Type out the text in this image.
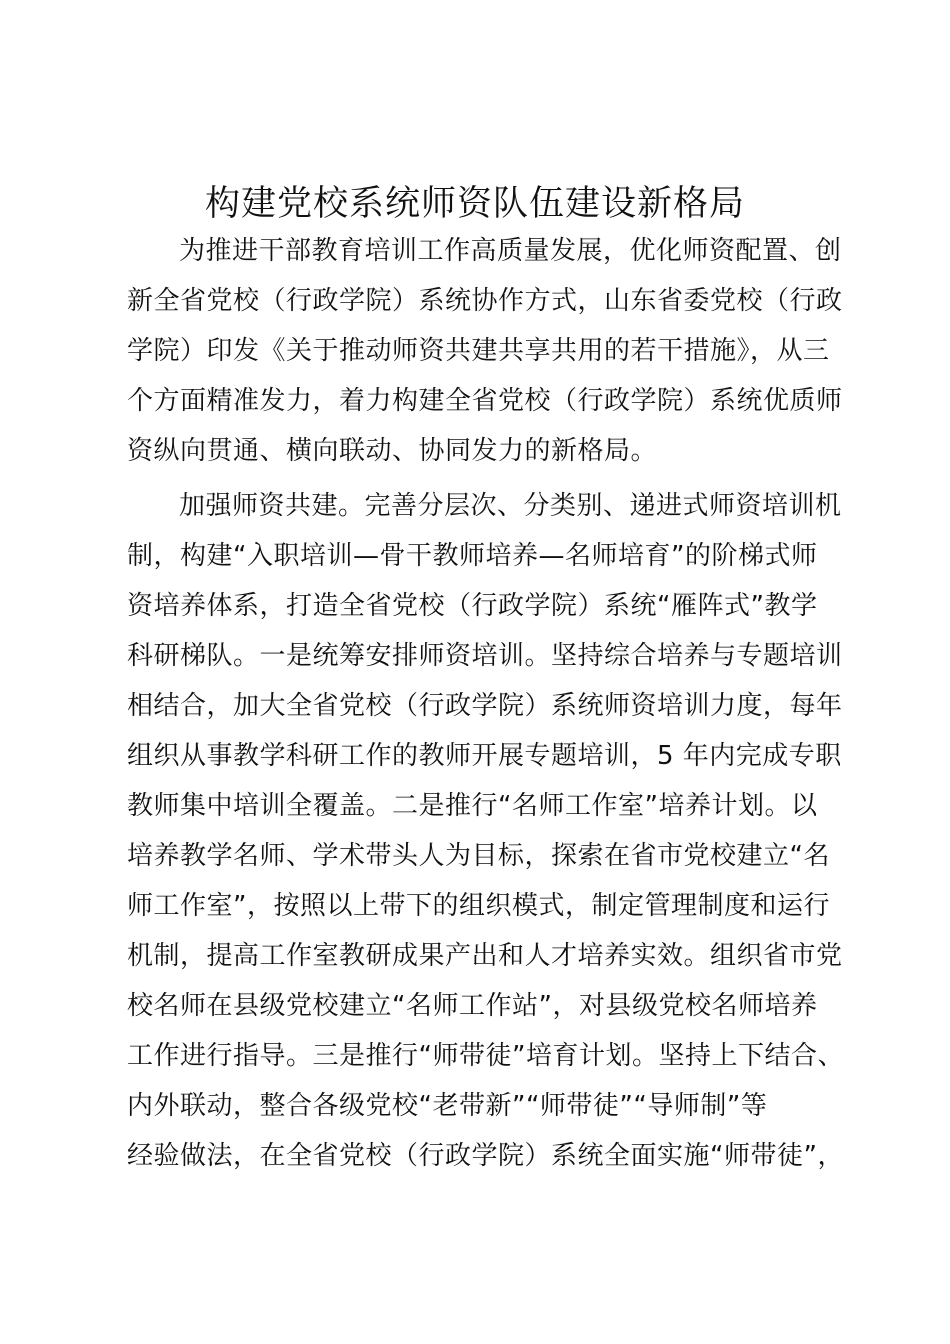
构建党校系统师资队伍建设新格局

为推进干部教育培训工作高质量发展，优化师资配置、创
新全省党校（行政学院）系统协作方式，山东省委党校（行政
学院）印发《关于推动师资共建共享共用的若干措施》，从三
个方面精准发力，着力构建全省党校（行政学院）系统优质师
资纵向贯通、横向联动、协同发力的新格局。

加强师资共建。完善分层次、分类别、递进式师资培训机
制，构建“入职培训—骨干教师培养—名师培育”的阶梯式师
资培养体系，打造全省党校（行政学院）系统“雁阵式”教学
科研梯队。一是统筹安排师资培训。坚持综合培养与专题培训
相结合，加大全省党校（行政学院）系统师资培训力度，每年
组织从事教学科研工作的教师开展专题培训，5 年内完成专职
教师集中培训全覆盖。二是推行“名师工作室”培养计划。以
培养教学名师、学术带头人为目标，探索在省市党校建立“名
师工作室”，按照以上带下的组织模式，制定管理制度和运行
机制，提高工作室教研成果产出和人才培养实效。组织省市党
校名师在县级党校建立“名师工作站”，对县级党校名师培养
工作进行指导。三是推行“师带徒”培育计划。坚持上下结合、
内外联动，整合各级党校“老带新”“师带徒”“导师制”等
经验做法，在全省党校（行政学院）系统全面实施“师带徒”，
